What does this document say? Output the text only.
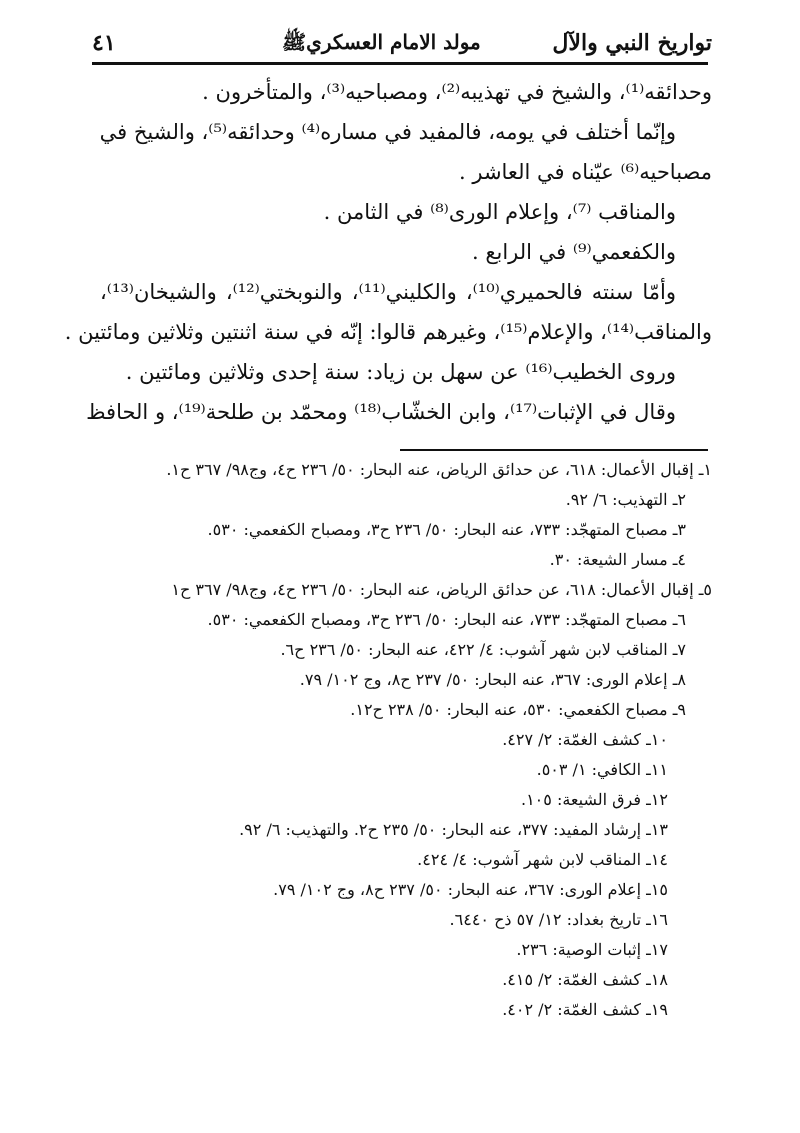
تواريخ النبي والآل
مولد الامام العسكريﷺ
٤١
وحدائقه⁽¹⁾، والشيخ في تهذيبه⁽²⁾، ومصباحيه⁽³⁾، والمتأخرون .
وإنّما أختلف في يومه، فالمفيد في مساره⁽⁴⁾ وحدائقه⁽⁵⁾، والشيخ في
مصباحيه⁽⁶⁾ عيّناه في العاشر .
والمناقب ⁽⁷⁾، وإعلام الورى⁽⁸⁾ في الثامن .
والكفعمي⁽⁹⁾ في الرابع .
وأمّا سنته فالحميري⁽¹⁰⁾، والكليني⁽¹¹⁾، والنوبختي⁽¹²⁾، والشيخان⁽¹³⁾،
والمناقب⁽¹⁴⁾، والإعلام⁽¹⁵⁾، وغيرهم قالوا: إنّه في سنة اثنتين وثلاثين ومائتين .
وروى الخطيب⁽¹⁶⁾ عن سهل بن زياد: سنة إحدى وثلاثين ومائتين .
وقال في الإثبات⁽¹⁷⁾، وابن الخشّاب⁽¹⁸⁾ ومحمّد بن طلحة⁽¹⁹⁾، و الحافظ
١ـ إقبال الأعمال: ٦١٨، عن حدائق الرياض، عنه البحار: ٥٠/ ٢٣٦ ح٤، وج٩٨/ ٣٦٧ ح١.
٢ـ التهذيب: ٦/ ٩٢.
٣ـ مصباح المتهجّد: ٧٣٣، عنه البحار: ٥٠/ ٢٣٦ ح٣، ومصباح الكفعمي: ٥٣٠.
٤ـ مسار الشيعة: ٣٠.
٥ـ إقبال الأعمال: ٦١٨، عن حدائق الرياض، عنه البحار: ٥٠/ ٢٣٦ ح٤، وج٩٨/ ٣٦٧ ح١
٦ـ مصباح المتهجّد: ٧٣٣، عنه البحار: ٥٠/ ٢٣٦ ح٣، ومصباح الكفعمي: ٥٣٠.
٧ـ المناقب لابن شهر آشوب: ٤/ ٤٢٢، عنه البحار: ٥٠/ ٢٣٦ ح٦.
٨ـ إعلام الورى: ٣٦٧، عنه البحار: ٥٠/ ٢٣٧ ح٨، وج ١٠٢/ ٧٩.
٩ـ مصباح الكفعمي: ٥٣٠، عنه البحار: ٥٠/ ٢٣٨ ح١٢.
١٠ـ كشف الغمّة: ٢/ ٤٢٧.
١١ـ الكافي: ١/ ٥٠٣.
١٢ـ فرق الشيعة: ١٠٥.
١٣ـ إرشاد المفيد: ٣٧٧، عنه البحار: ٥٠/ ٢٣٥ ح٢. والتهذيب: ٦/ ٩٢.
١٤ـ المناقب لابن شهر آشوب: ٤/ ٤٢٤.
١٥ـ إعلام الورى: ٣٦٧، عنه البحار: ٥٠/ ٢٣٧ ح٨، وج ١٠٢/ ٧٩.
١٦ـ تاريخ بغداد: ١٢/ ٥٧ ذح ٦٤٤٠.
١٧ـ إثبات الوصية: ٢٣٦.
١٨ـ كشف الغمّة: ٢/ ٤١٥.
١٩ـ كشف الغمّة: ٢/ ٤٠٢.
